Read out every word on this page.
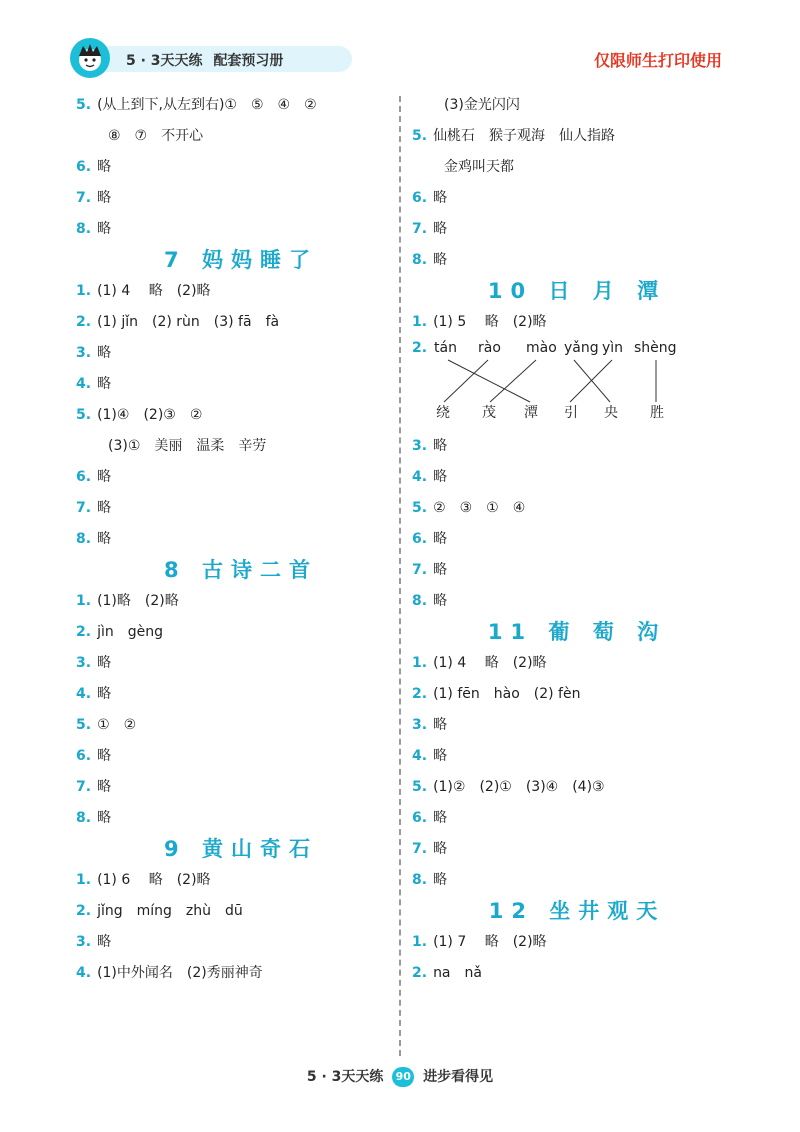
5 · 3天天练 配套预习册	仅限师生打印使用
5. (从上到下,从左到右)①　⑤　④　②
⑧　⑦　不开心
6. 略
7. 略
8. 略
7 妈妈睡了
1. (1) 4　 略　(2)略
2. (1) jǐn　(2) rùn　(3) fā　fà
3. 略
4. 略
5. (1)④　(2)③　②
(3)①　美丽　温柔　辛劳
6. 略
7. 略
8. 略
8 古诗二首
1. (1)略　(2)略
2. jìn　gèng
3. 略
4. 略
5. ①　②
6. 略
7. 略
8. 略
9 黄山奇石
1. (1) 6　 略　(2)略
2. jǐng　míng　zhù　dū
3. 略
4. (1)中外闻名　(2)秀丽神奇
(3)金光闪闪
5. 仙桃石　猴子观海　仙人指路
金鸡叫天都
6. 略
7. 略
8. 略
10 日 月 潭
1. (1) 5　 略　(2)略
2. tán rào mào yǎng yìn shèng
绕 茂 潭 引 央 胜
3. 略
4. 略
5. ②　③　①　④
6. 略
7. 略
8. 略
11 葡 萄 沟
1. (1) 4　 略　(2)略
2. (1) fēn　hào　(2) fèn
3. 略
4. 略
5. (1)②　(2)①　(3)④　(4)③
6. 略
7. 略
8. 略
12 坐井观天
1. (1) 7　 略　(2)略
2. na　nǎ
5 · 3天天练 90 进步看得见
